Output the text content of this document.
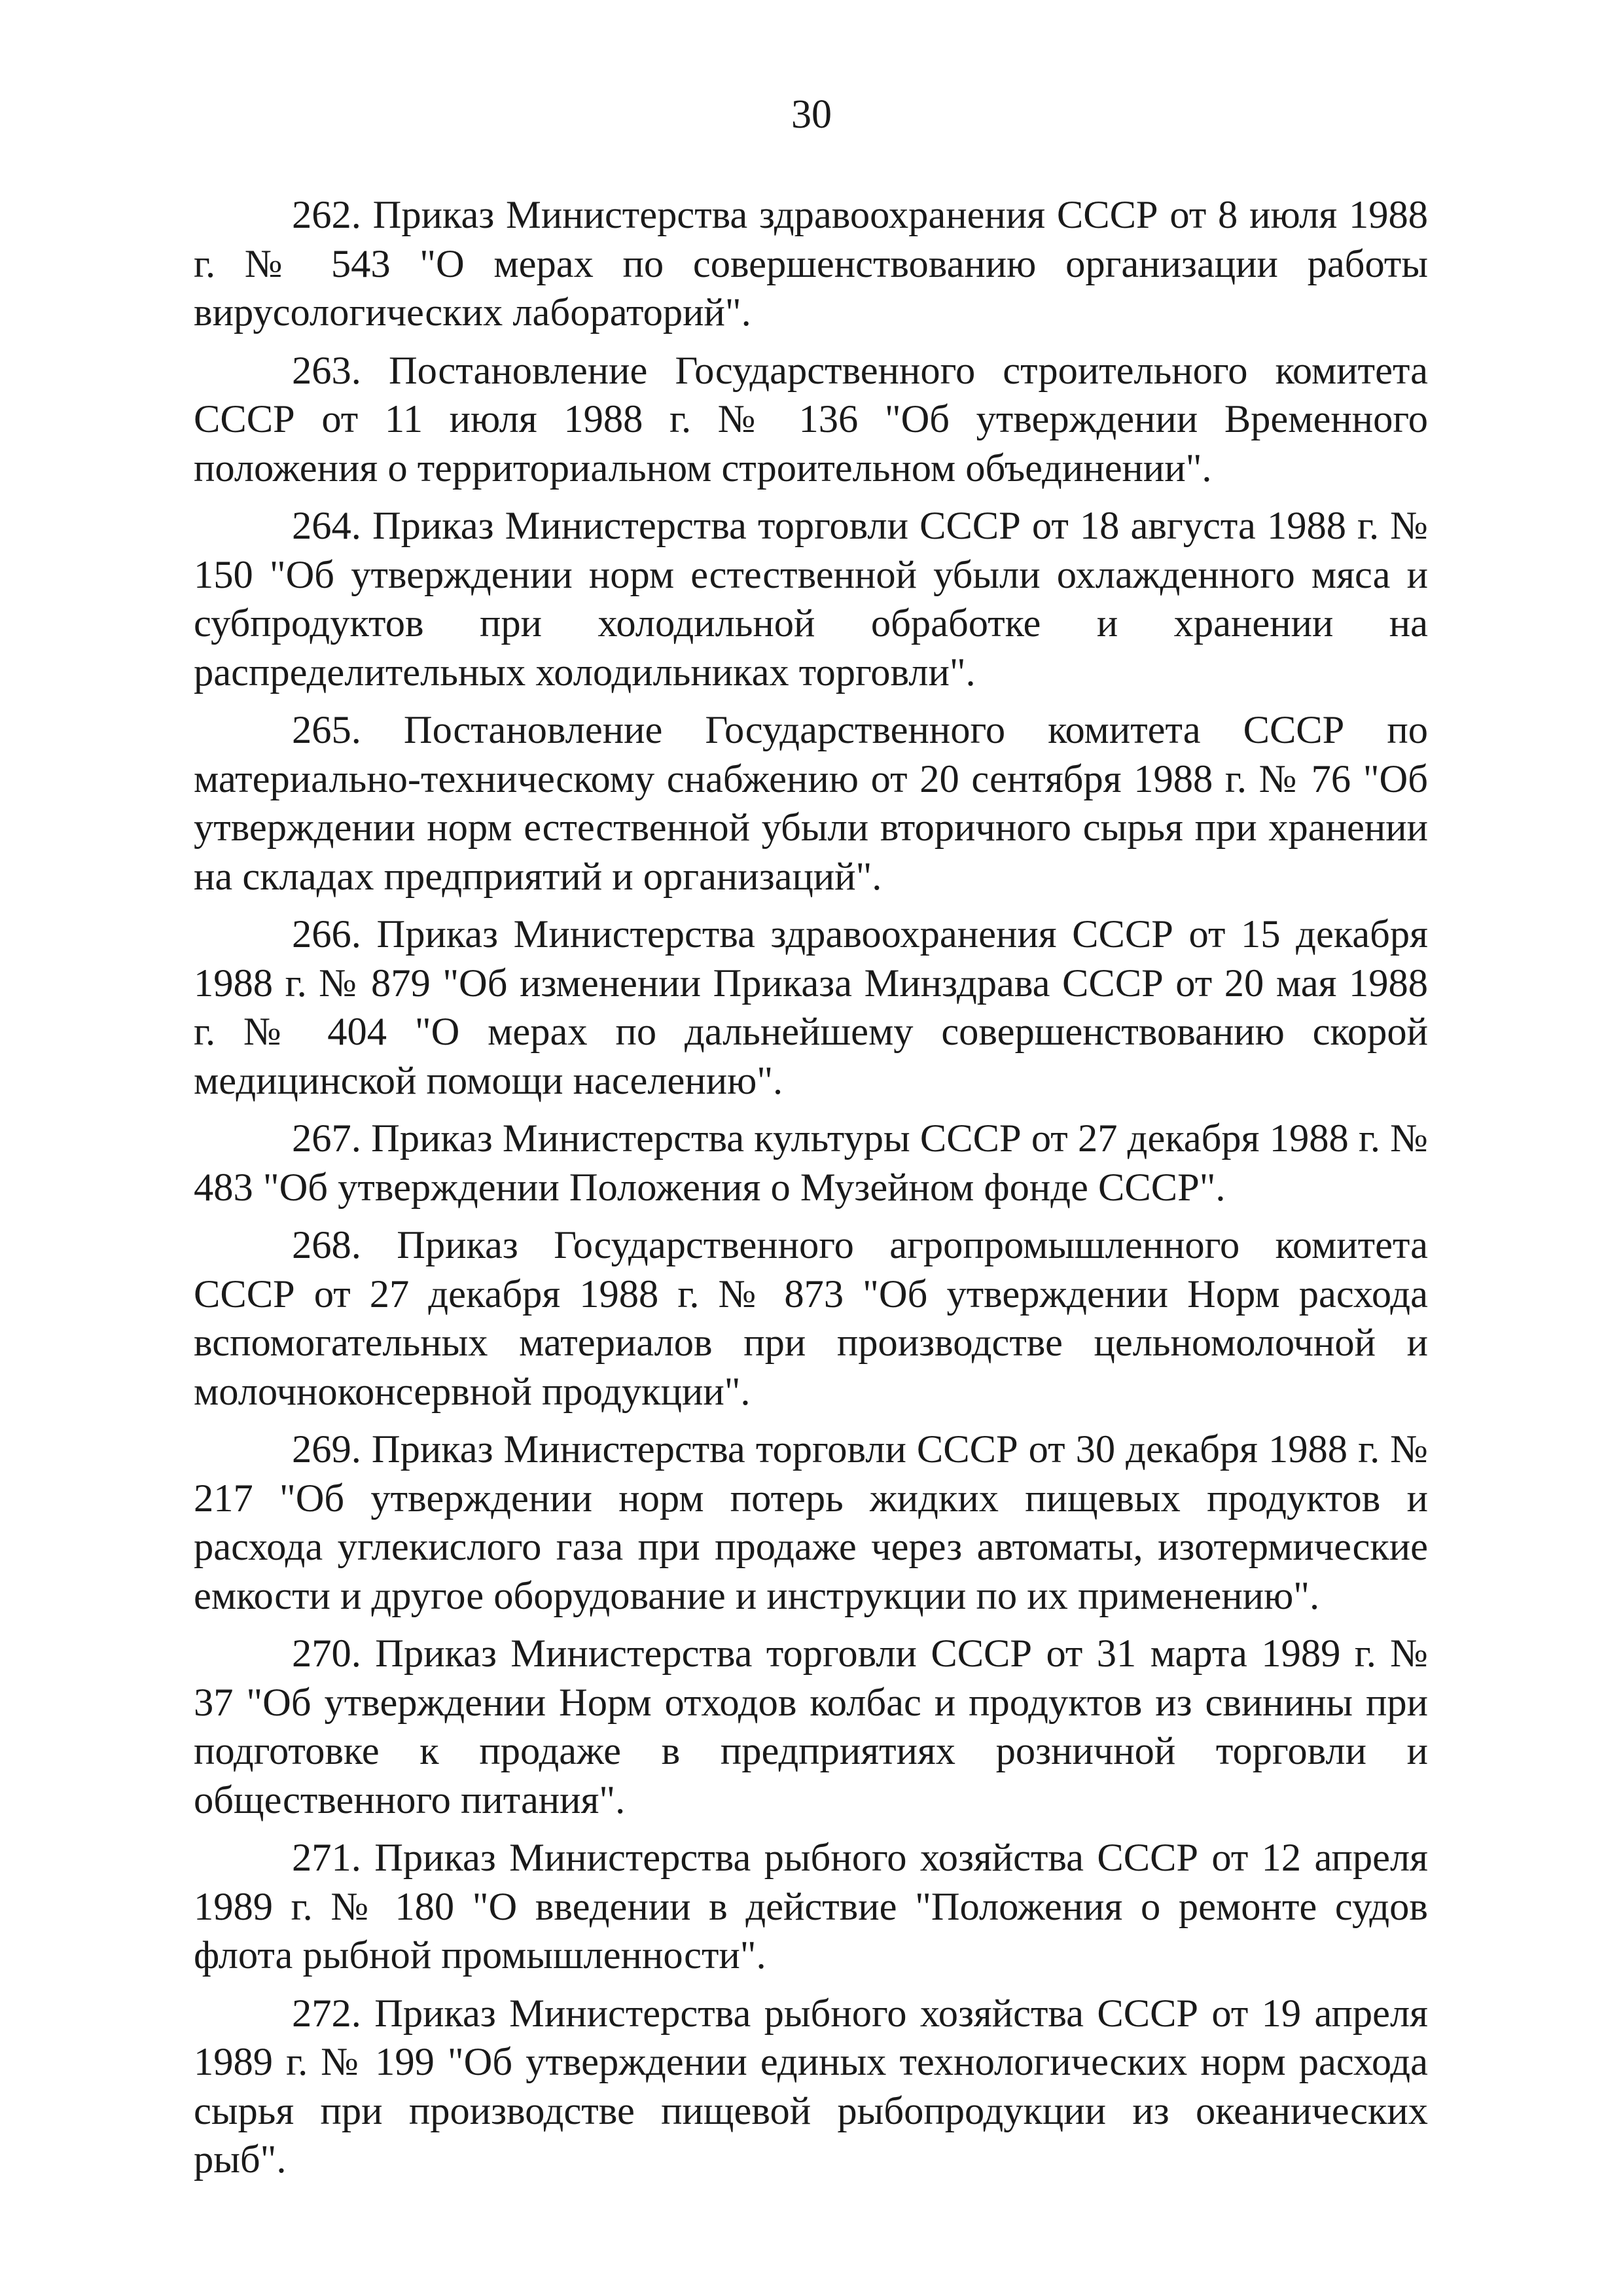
30

262. Приказ Министерства здравоохранения СССР от 8 июля 1988 г. № 543 "О мерах по совершенствованию организации работы вирусологических лабораторий".

263. Постановление Государственного строительного комитета СССР от 11 июля 1988 г. № 136 "Об утверждении Временного положения о территориальном строительном объединении".

264. Приказ Министерства торговли СССР от 18 августа 1988 г. № 150 "Об утверждении норм естественной убыли охлажденного мяса и субпродуктов при холодильной обработке и хранении на распределительных холодильниках торговли".

265. Постановление Государственного комитета СССР по материально-техническому снабжению от 20 сентября 1988 г. № 76 "Об утверждении норм естественной убыли вторичного сырья при хранении на складах предприятий и организаций".

266. Приказ Министерства здравоохранения СССР от 15 декабря 1988 г. № 879 "Об изменении Приказа Минздрава СССР от 20 мая 1988 г. № 404 "О мерах по дальнейшему совершенствованию скорой медицинской помощи населению".

267. Приказ Министерства культуры СССР от 27 декабря 1988 г. № 483 "Об утверждении Положения о Музейном фонде СССР".

268. Приказ Государственного агропромышленного комитета СССР от 27 декабря 1988 г. № 873 "Об утверждении Норм расхода вспомогательных материалов при производстве цельномолочной и молочноконсервной продукции".

269. Приказ Министерства торговли СССР от 30 декабря 1988 г. № 217 "Об утверждении норм потерь жидких пищевых продуктов и расхода углекислого газа при продаже через автоматы, изотермические емкости и другое оборудование и инструкции по их применению".

270. Приказ Министерства торговли СССР от 31 марта 1989 г. № 37 "Об утверждении Норм отходов колбас и продуктов из свинины при подготовке к продаже в предприятиях розничной торговли и общественного питания".

271. Приказ Министерства рыбного хозяйства СССР от 12 апреля 1989 г. № 180 "О введении в действие "Положения о ремонте судов флота рыбной промышленности".

272. Приказ Министерства рыбного хозяйства СССР от 19 апреля 1989 г. № 199 "Об утверждении единых технологических норм расхода сырья при производстве пищевой рыбопродукции из океанических рыб".
